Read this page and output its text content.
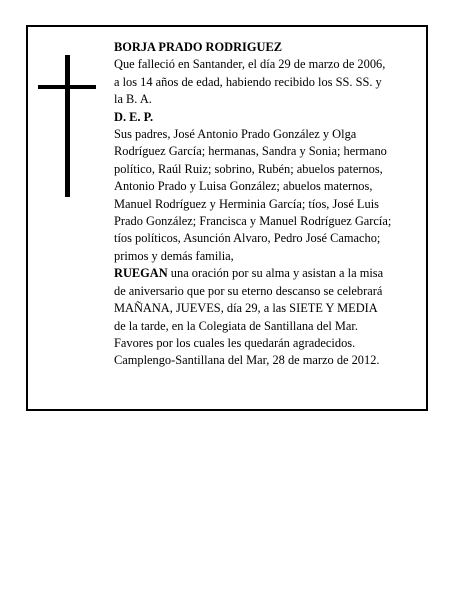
BORJA PRADO RODRIGUEZ
Que falleció en Santander, el día 29 de marzo de 2006,
a los 14 años de edad, habiendo recibido los SS. SS. y
la B. A.
D. E. P.
Sus padres, José Antonio Prado González y Olga
Rodríguez García; hermanas, Sandra y Sonia; hermano
político, Raúl Ruiz; sobrino, Rubén; abuelos paternos,
Antonio Prado y Luisa González; abuelos maternos,
Manuel Rodríguez y Herminia García; tíos, José Luis
Prado González; Francisca y Manuel Rodríguez García;
tíos políticos, Asunción Alvaro, Pedro José Camacho;
primos y demás familia,
RUEGAN una oración por su alma y asistan a la misa
de aniversario que por su eterno descanso se celebrará
MAÑANA, JUEVES, día 29, a las SIETE Y MEDIA
de la tarde, en la Colegiata de Santillana del Mar.
Favores por los cuales les quedarán agradecidos.
Camplengo-Santillana del Mar, 28 de marzo de 2012.
